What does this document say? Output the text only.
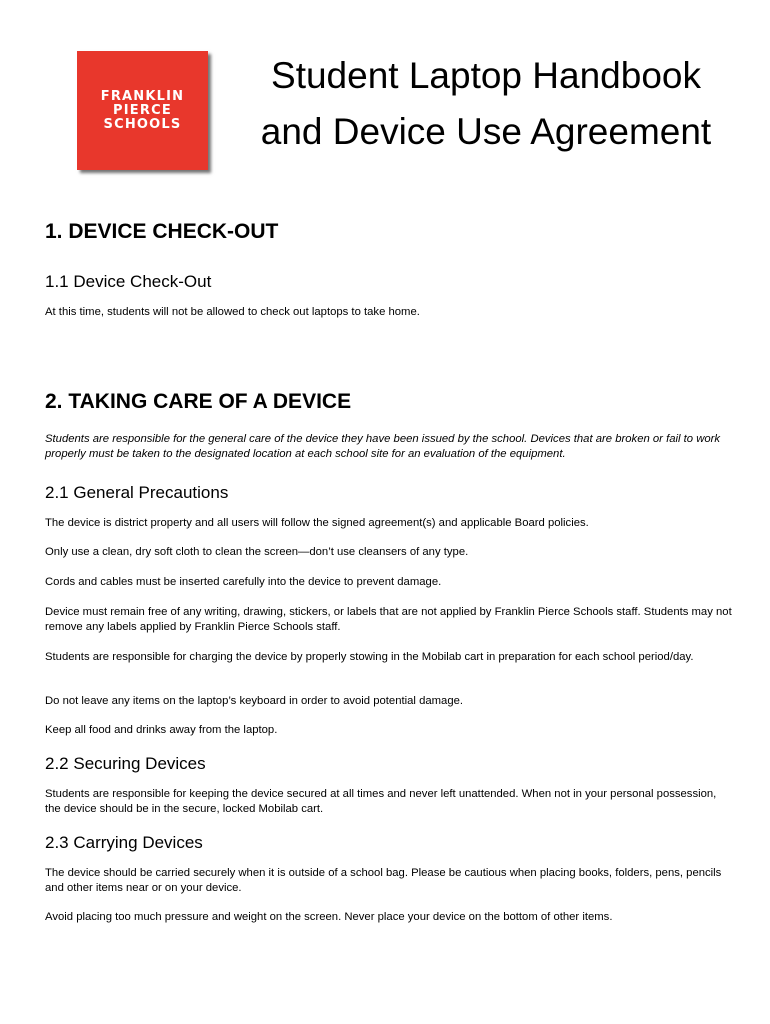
FRANKLIN
PIERCE
SCHOOLS
Student Laptop Handbook
and Device Use Agreement
1. DEVICE CHECK-OUT
1.1 Device Check-Out

At this time, students will not be allowed to check out laptops to take home.

2. TAKING CARE OF A DEVICE

Students are responsible for the general care of the device they have been issued by the school. Devices that are broken or fail to work properly must be taken to the designated location at each school site for an evaluation of the equipment.

2.1 General Precautions

The device is district property and all users will follow the signed agreement(s) and applicable Board policies.

Only use a clean, dry soft cloth to clean the screen—don’t use cleansers of any type.

Cords and cables must be inserted carefully into the device to prevent damage.

Device must remain free of any writing, drawing, stickers, or labels that are not applied by Franklin Pierce Schools staff. Students may not remove any labels applied by Franklin Pierce Schools staff.

Students are responsible for charging the device by properly stowing in the Mobilab cart in preparation for each school period/day.

Do not leave any items on the laptop’s keyboard in order to avoid potential damage.

Keep all food and drinks away from the laptop.

2.2 Securing Devices

Students are responsible for keeping the device secured at all times and never left unattended. When not in your personal possession, the device should be in the secure, locked Mobilab cart.

2.3 Carrying Devices

The device should be carried securely when it is outside of a school bag. Please be cautious when placing books, folders, pens, pencils and other items near or on your device.

Avoid placing too much pressure and weight on the screen. Never place your device on the bottom of other items.
